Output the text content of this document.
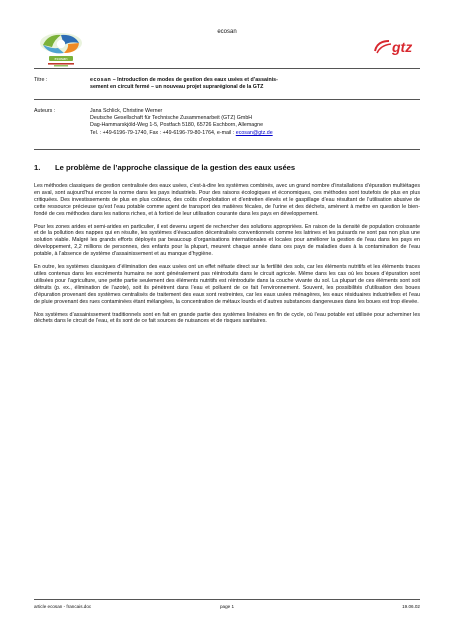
ecosan
ecosan
gtz
Titre :	ecosan – Introduction de modes de gestion des eaux usées et d’assainis-
sement en circuit fermé – un nouveau projet suprarégional de la GTZ
Auteurs :	Jana Schlick, Christine Werner
Deutsche Gesellschaft für Technische Zusammenarbeit (GTZ) GmbH
Dag-Hammarskjöld-Weg 1-5, Postfach 5180, 65726 Eschborn, Allemagne
Tel. : +49-6196-79-1740, Fax : +49-6196-79-80-1764, e-mail : ecosan@gtz.de
1. Le problème de l’approche classique de la gestion des eaux usées

Les méthodes classiques de gestion centralisée des eaux usées, c’est-à-dire les systèmes combinés, avec un grand nombre d’installations d’épuration multiétages en aval, sont aujourd’hui encore la norme dans les pays industriels. Pour des raisons écologiques et économiques, ces méthodes sont toutefois de plus en plus critiquées. Des investissements de plus en plus coûteux, des coûts d’exploitation et d’entretien élevés et le gaspillage d’eau résultant de l’utilisation abusive de cette ressource précieuse qu’est l’eau potable comme agent de transport des matières fécales, de l’urine et des déchets, amènent à mettre en question le bien-fondé de ces méthodes dans les nations riches, et à fortiori de leur utilisation courante dans les pays en développement.

Pour les zones arides et semi-arides en particulier, il est devenu urgent de rechercher des solutions appropriées. En raison de la densité de population croissante et de la pollution des nappes qui en résulte, les systèmes d’évacuation décentralisés conventionnels comme les latrines et les puisards ne sont pas non plus une solution viable. Malgré les grands efforts déployés par beaucoup d’organisations internationales et locales pour améliorer la gestion de l’eau dans les pays en développement, 2,2 millions de personnes, des enfants pour la plupart, meurent chaque année dans ces pays de maladies dues à la contamination de l’eau potable, à l’absence de système d’assainissement et au manque d’hygiène.

En outre, les systèmes classiques d’élimination des eaux usées ont un effet néfaste direct sur la fertilité des sols, car les éléments nutritifs et les éléments traces utiles contenus dans les excréments humains ne sont généralement pas réintroduits dans le circuit agricole. Même dans les cas où les boues d’épuration sont utilisées pour l’agriculture, une petite partie seulement des éléments nutritifs est réintroduite dans la couche vivante du sol. La plupart de ces éléments sont soit détruits (p. ex., élimination de l’azote), soit ils pénètrent dans l’eau et polluent de ce fait l’environnement. Souvent, les possibilités d’utilisation des boues d’épuration provenant des systèmes centralisés de traitement des eaux sont restreintes, car les eaux usées ménagères, les eaux résiduaires industrielles et l’eau de pluie provenant des rues contaminées étant mélangées, la concentration de métaux lourds et d’autres substances dangereuses dans les boues est trop élevée.

Nos systèmes d’assainissement traditionnels sont en fait en grande partie des systèmes linéaires en fin de cycle, où l’eau potable est utilisée pour acheminer les déchets dans le circuit de l’eau, et ils sont de ce fait sources de nuisances et de risques sanitaires.

article ecosan - francais.doc	page 1	19.06.02
